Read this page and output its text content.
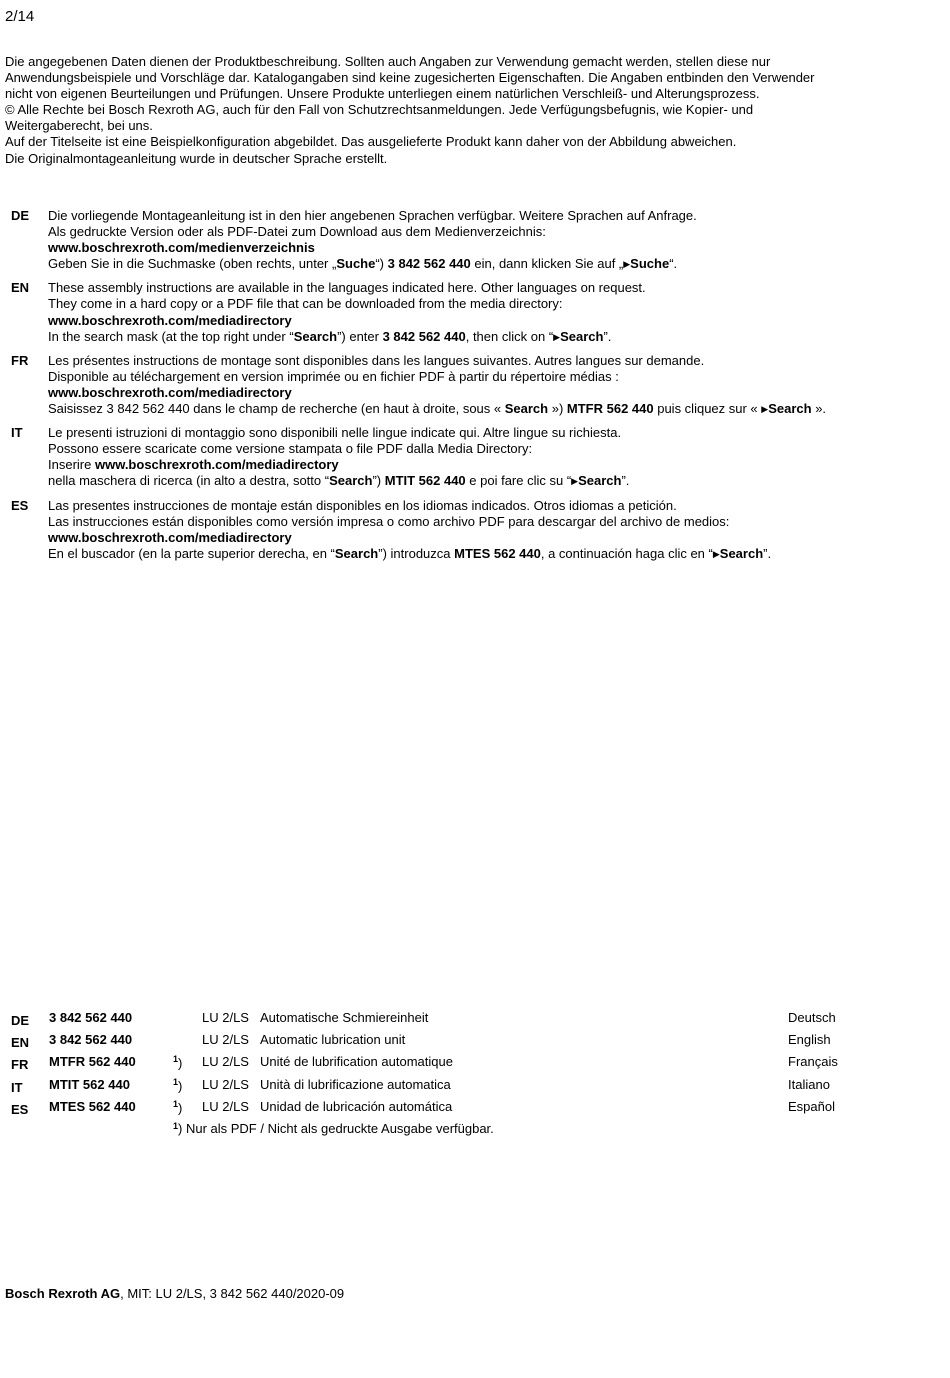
2/14

Die angegebenen Daten dienen der Produktbeschreibung. Sollten auch Angaben zur Verwendung gemacht werden, stellen diese nur Anwendungsbeispiele und Vorschläge dar. Katalogangaben sind keine zugesicherten Eigenschaften. Die Angaben entbinden den Verwender nicht von eigenen Beurteilungen und Prüfungen. Unsere Produkte unterliegen einem natürlichen Verschleiß- und Alterungsprozess.

© Alle Rechte bei Bosch Rexroth AG, auch für den Fall von Schutzrechtsanmeldungen. Jede Verfügungsbefugnis, wie Kopier- und Weitergaberecht, bei uns.

Auf der Titelseite ist eine Beispielkonfiguration abgebildet. Das ausgelieferte Produkt kann daher von der Abbildung abweichen.

Die Originalmontageanleitung wurde in deutscher Sprache erstellt.

DE	Die vorliegende Montageanleitung ist in den hier angebenen Sprachen verfügbar. Weitere Sprachen auf Anfrage.

Als gedruckte Version oder als PDF-Datei zum Download aus dem Medienverzeichnis:

www.boschrexroth.com/medienverzeichnis

Geben Sie in die Suchmaske (oben rechts, unter „Suche“) 3 842 562 440 ein, dann klicken Sie auf „▶Suche“.

EN	These assembly instructions are available in the languages indicated here. Other languages on request.

They come in a hard copy or a PDF file that can be downloaded from the media directory:

www.boschrexroth.com/mediadirectory

In the search mask (at the top right under “Search”) enter 3 842 562 440, then click on “▶Search”.

FR	Les présentes instructions de montage sont disponibles dans les langues suivantes. Autres langues sur demande.

Disponible au téléchargement en version imprimée ou en fichier PDF à partir du répertoire médias :

www.boschrexroth.com/mediadirectory

Saisissez 3 842 562 440 dans le champ de recherche (en haut à droite, sous « Search ») MTFR 562 440 puis cliquez sur « ▶Search ».

IT	Le presenti istruzioni di montaggio sono disponibili nelle lingue indicate qui. Altre lingue su richiesta.

Possono essere scaricate come versione stampata o file PDF dalla Media Directory:

Inserire www.boschrexroth.com/mediadirectory

nella maschera di ricerca (in alto a destra, sotto “Search”) MTIT 562 440 e poi fare clic su “▶Search”.

ES	Las presentes instrucciones de montaje están disponibles en los idiomas indicados. Otros idiomas a petición.

Las instrucciones están disponibles como versión impresa o como archivo PDF para descargar del archivo de medios:

www.boschrexroth.com/mediadirectory

En el buscador (en la parte superior derecha, en “Search”) introduzca MTES 562 440, a continuación haga clic en “▶Search”.

DE 3 842 562 440	LU 2/LS Automatische Schmiereinheit	Deutsch
EN 3 842 562 440	LU 2/LS Automatic lubrication unit	English
FR MTFR 562 440	$^1$) LU 2/LS Unité de lubrification automatique	Français
IT MTIT 562 440	$^1$) LU 2/LS Unità di lubrificazione automatica	Italiano
ES MTES 562 440	$^1$) LU 2/LS Unidad de lubricación automática	Español
$^1$ ) Nur als PDF / Nicht als gedruckte Ausgabe verfügbar.
Bosch Rexroth AG, MIT: LU 2/LS, 3 842 562 440/2020-09
